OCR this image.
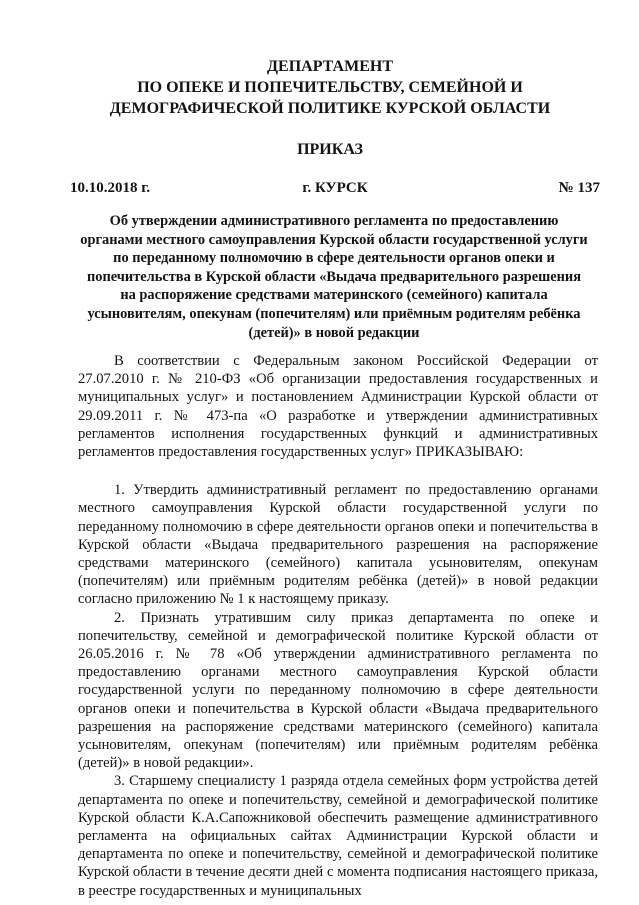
ДЕПАРТАМЕНТ
ПО ОПЕКЕ И ПОПЕЧИТЕЛЬСТВУ, СЕМЕЙНОЙ И
ДЕМОГРАФИЧЕСКОЙ ПОЛИТИКЕ КУРСКОЙ ОБЛАСТИ
ПРИКАЗ
10.10.2018 г.	г. КУРСК	№ 137
Об утверждении административного регламента по предоставлению органами местного самоуправления Курской области государственной услуги по переданному полномочию в сфере деятельности органов опеки и попечительства в Курской области «Выдача предварительного разрешения на распоряжение средствами материнского (семейного) капитала усыновителям, опекунам (попечителям) или приёмным родителям ребёнка (детей)» в новой редакции

В соответствии с Федеральным законом Российской Федерации от 27.07.2010 г. № 210-ФЗ «Об организации предоставления государственных и муниципальных услуг» и постановлением Администрации Курской области от 29.09.2011 г. № 473-па «О разработке и утверждении административных регламентов исполнения государственных функций и административных регламентов предоставления государственных услуг» ПРИКАЗЫВАЮ:

1. Утвердить административный регламент по предоставлению органами местного самоуправления Курской области государственной услуги по переданному полномочию в сфере деятельности органов опеки и попечительства в Курской области «Выдача предварительного разрешения на распоряжение средствами материнского (семейного) капитала усыновителям, опекунам (попечителям) или приёмным родителям ребёнка (детей)» в новой редакции согласно приложению № 1 к настоящему приказу.

2. Признать утратившим силу приказ департамента по опеке и попечительству, семейной и демографической политике Курской области от 26.05.2016 г. № 78 «Об утверждении административного регламента по предоставлению органами местного самоуправления Курской области государственной услуги по переданному полномочию в сфере деятельности органов опеки и попечительства в Курской области «Выдача предварительного разрешения на распоряжение средствами материнского (семейного) капитала усыновителям, опекунам (попечителям) или приёмным родителям ребёнка (детей)» в новой редакции».

3. Старшему специалисту 1 разряда отдела семейных форм устройства детей департамента по опеке и попечительству, семейной и демографической политике Курской области К.А.Сапожниковой обеспечить размещение административного регламента на официальных сайтах Администрации Курской области и департамента по опеке и попечительству, семейной и демографической политике Курской области в течение десяти дней с момента подписания настоящего приказа, в реестре государственных и муниципальных
